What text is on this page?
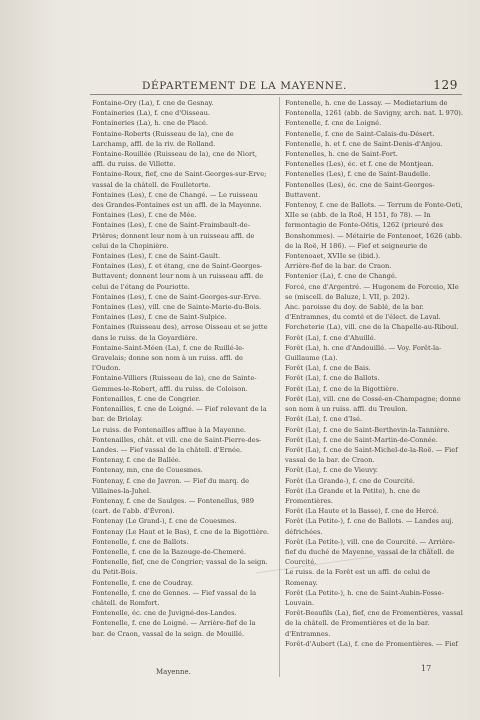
DÉPARTEMENT DE LA MAYENNE.	129

Fontaine-Ory (La), f. cne de Gesnay.

Fontaineries (La), f. cne d'Oisseau.

Fontaineries (La), h. cne de Placé.

Fontaine-Roberts (Ruisseau de la), cne de Larchamp, affl. de la riv. de Rolland.

Fontaine-Rouillée (Ruisseau de la), cne de Niort, affl. du ruiss. de Villette.

Fontaine-Roux, fief, cne de Saint-Georges-sur-Erve; vassal de la châtell. de Foulletorte.

Fontaines (Les), f. cne de Changé. — Le ruisseau des Grandes-Fontaines est un affl. de la Mayenne.

Fontaines (Les), f. cne de Mée.

Fontaines (Les), f. cne de Saint-Fraimbault-de-Prières; donnent leur nom à un ruisseau affl. de celui de la Chopinière.

Fontaines (Les), f. cne de Saint-Gault.

Fontaines (Les), f. et étang, cne de Saint-Georges-Buttavent; donnent leur nom à un ruisseau affl. de celui de l'étang de Pouriotte.

Fontaines (Les), f. cne de Saint-Georges-sur-Erve.

Fontaines (Les), vill. cne de Sainte-Marie-du-Bois.

Fontaines (Les), f. cne de Saint-Sulpice.

Fontaines (Ruisseau des), arrose Oisseau et se jette dans le ruiss. de la Goyardière.

Fontaine-Saint-Méen (La), f. cne de Ruillé-le-Gravelais; donne son nom à un ruiss. affl. de l'Oudon.

Fontaine-Villiers (Ruisseau de la), cne de Sainte-Gemmes-le-Robert, affl. du ruiss. de Coloison.

Fontenailles, f. cne de Congrier.

Fontenailles, f. cne de Loigné. — Fief relevant de la bar. de Briolay.

Le ruiss. de Fontenailles afflue à la Mayenne.

Fontenailles, chât. et vill. cne de Saint-Pierre-des-Landes. — Fief vassal de la châtell. d'Ernée.

Fontenay, f. cne de Ballée.

Fontenay, mn, cne de Couesmes.

Fontenay, f. cne de Javron. — Fief du marq. de Villaines-la-Juhel.

Fontenay, f. cne de Saulges. — Fontenellus, 989 (cart. de l'abb. d'Évron).

Fontenay (Le Grand-), f. cne de Couesmes.

Fontenay (Le Haut et le Bas), f. cne de la Bigottière.

Fontenelle, f. cne de Ballots.

Fontenelle, f. cne de la Bazouge-de-Chemeré.

Fontenelle, fief, cne de Congrier; vassal de la seign. du Petit-Bois.

Fontenelle, f. cne de Coudray.

Fontenelle, f. cne de Gennes. — Fief vassal de la châtell. de Romfort.

Fontenelle, éc. cne de Juvigné-des-Landes.

Fontenelle, f. cne de Loigné. — Arrière-fief de la bar. de Craon, vassal de la seign. de Mouillé.

Fontenelle, h. cne de Lassay. — Medietarium de Fontenella, 1261 (abb. de Savigny, arch. nat. L 970).

Fontenelle, f. cne de Loigné.

Fontenelle, f. cne de Saint-Calais-du-Désert.

Fontenelle, h. et f. cne de Saint-Denis-d'Anjou.

Fontenelles, h. cne de Saint-Fort.

Fontenelles (Les), éc. et f. cne de Montjean.

Fontenelles (Les), f. cne de Saint-Baudelle.

Fontenelles (Les), éc. cne de Saint-Georges-Buttavent.

Fontenoy, f. cne de Ballots. — Terrum de Fonte-Oeti, XIIe se (abb. de la Roë, H 151, fo 78). — In fermontagio de Fonte-Oëtis, 1262 (prieuré des Bonshommes). — Métairie de Fontenoet, 1626 (abb. de la Roë, H 186). — Fief et seigneurie de Fontenoaet, XVIIe se (ibid.).

Arrière-fief de la bar. de Craon.

Fontenier (La), f. cne de Changé.

Forcé, cne d'Argentré. — Hugonem de Forceio, XIe se (miscell. de Baluze, l. VII, p. 202).

Anc. paroisse du doy. de Sablé, de la bar. d'Entramnes, du comté et de l'élect. de Laval.

Forcheterie (La), vill. cne de la Chapelle-au-Riboul.

Forêt (La), f. cne d'Ahuillé.

Forêt (La), h. cne d'Andouillé. — Voy. Forêt-la-Guillaume (La).

Forêt (La), f. cne de Bais.

Forêt (La), f. cne de Ballots.

Forêt (La), f. cne de la Bigottière.

Forêt (La), vill. cne de Cossé-en-Champagne; donne son nom à un ruiss. affl. du Treulon.

Forêt (La), f. cne d'Isé.

Forêt (La), f. cne de Saint-Berthevin-la-Tannière.

Forêt (La), f. cne de Saint-Martin-de-Connée.

Forêt (La), f. cne de Saint-Michel-de-la-Roë. — Fief vassal de la bar. de Craon.

Forêt (La), f. cne de Vieuvy.

Forêt (La Grande-), f. cne de Courcité.

Forêt (La Grande et la Petite), h. cne de Fromentières.

Forêt (La Haute et la Basse), f. cne de Hercé.

Forêt (La Petite-), f. cne de Ballots. — Landes auj. défrichées.

Forêt (La Petite-), vill. cne de Courcité. — Arrière-fief du duché de Mayenne, vassal de la châtell. de Courcité.

Le ruiss. de la Forêt est un affl. de celui de Romenay.

Forêt (La Petite-), h. cne de Saint-Aubin-Fosse-Louvain.

Forêt-Beaufils (La), fief, cne de Fromentières, vassal de la châtell. de Fromentières et de la bar. d'Entramnes.

Forêt-d'Aubert (La), f. cne de Fromentières. — Fief

Mayenne.	17
